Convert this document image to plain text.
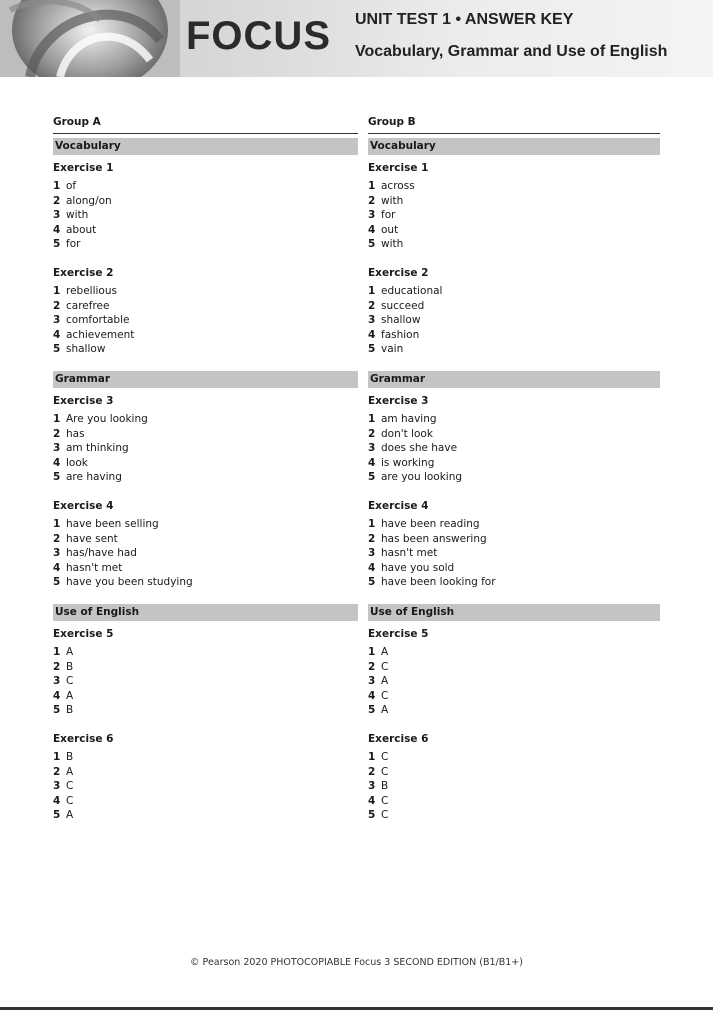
FOCUS UNIT TEST 1 • ANSWER KEY
Vocabulary, Grammar and Use of English
Group A
Vocabulary
Exercise 1
1 of
2 along/on
3 with
4 about
5 for
Exercise 2
1 rebellious
2 carefree
3 comfortable
4 achievement
5 shallow
Grammar
Exercise 3
1 Are you looking
2 has
3 am thinking
4 look
5 are having
Exercise 4
1 have been selling
2 have sent
3 has/have had
4 hasn't met
5 have you been studying
Use of English
Exercise 5
1 A
2 B
3 C
4 A
5 B
Exercise 6
1 B
2 A
3 C
4 C
5 A
Group B
Vocabulary
Exercise 1
1 across
2 with
3 for
4 out
5 with
Exercise 2
1 educational
2 succeed
3 shallow
4 fashion
5 vain
Grammar
Exercise 3
1 am having
2 don't look
3 does she have
4 is working
5 are you looking
Exercise 4
1 have been reading
2 has been answering
3 hasn't met
4 have you sold
5 have been looking for
Use of English
Exercise 5
1 A
2 C
3 A
4 C
5 A
Exercise 6
1 C
2 C
3 B
4 C
5 C
© Pearson 2020 PHOTOCOPIABLE Focus 3 SECOND EDITION (B1/B1+)
